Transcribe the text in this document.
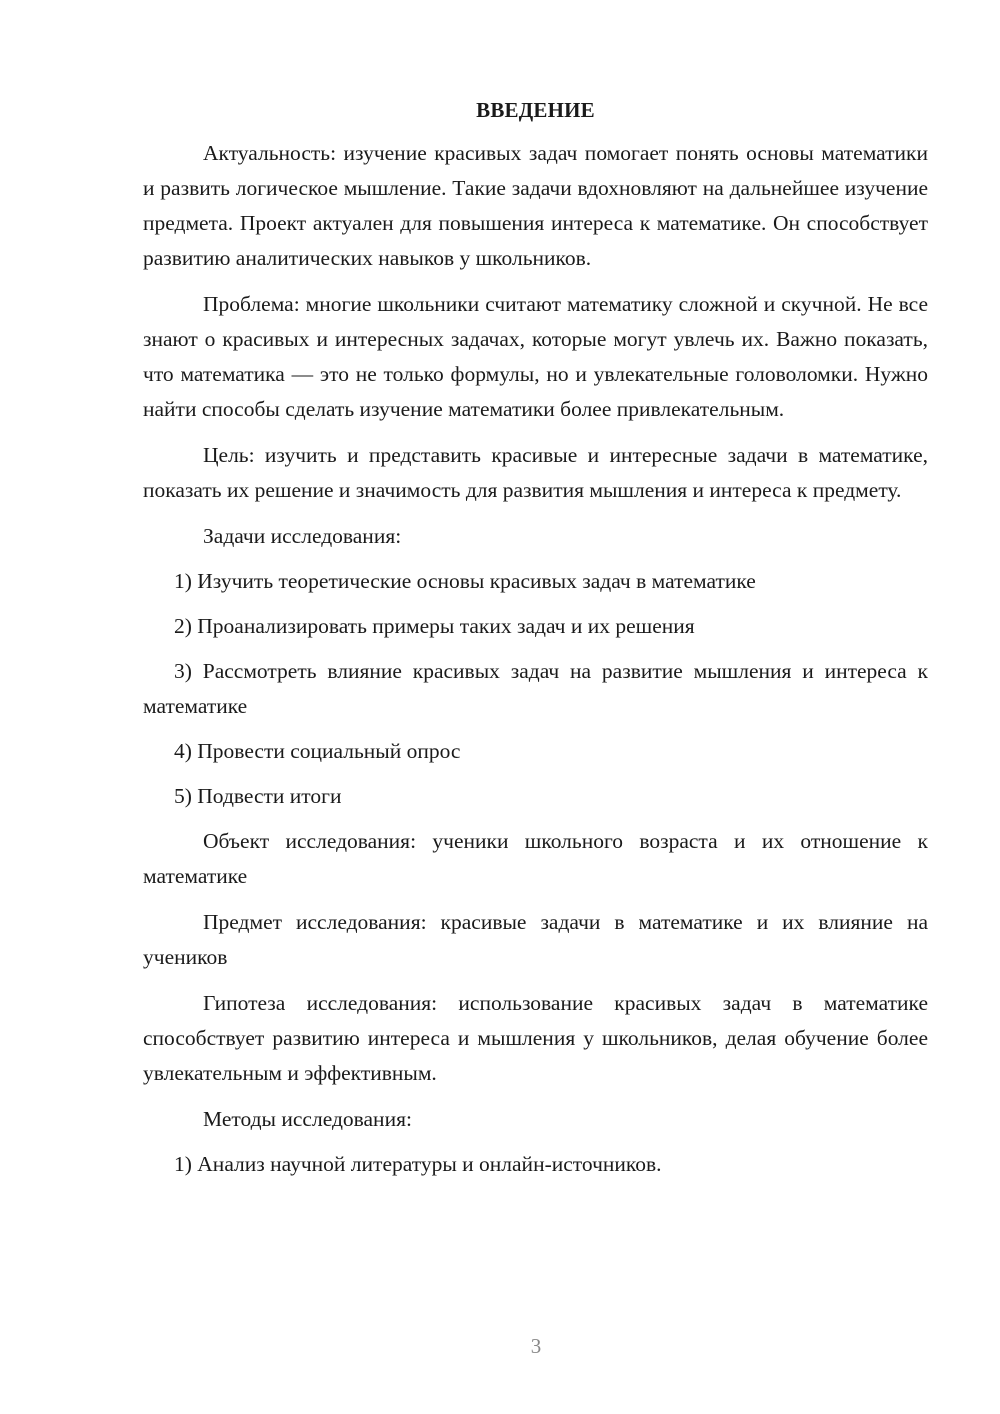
ВВЕДЕНИЕ

Актуальность: изучение красивых задач помогает понять основы математики и развить логическое мышление. Такие задачи вдохновляют на дальнейшее изучение предмета. Проект актуален для повышения интереса к математике. Он способствует развитию аналитических навыков у школьников.

Проблема: многие школьники считают математику сложной и скучной. Не все знают о красивых и интересных задачах, которые могут увлечь их. Важно показать, что математика — это не только формулы, но и увлекательные головоломки. Нужно найти способы сделать изучение математики более привлекательным.

Цель: изучить и представить красивые и интересные задачи в математике, показать их решение и значимость для развития мышления и интереса к предмету.

Задачи исследования:

1) Изучить теоретические основы красивых задач в математике

2) Проанализировать примеры таких задач и их решения

3) Рассмотреть влияние красивых задач на развитие мышления и интереса к математике

4) Провести социальный опрос

5) Подвести итоги

Объект исследования: ученики школьного возраста и их отношение к математике

Предмет исследования: красивые задачи в математике и их влияние на учеников

Гипотеза исследования: использование красивых задач в математике способствует развитию интереса и мышления у школьников, делая обучение более увлекательным и эффективным.

Методы исследования:

1) Анализ научной литературы и онлайн-источников.

3
